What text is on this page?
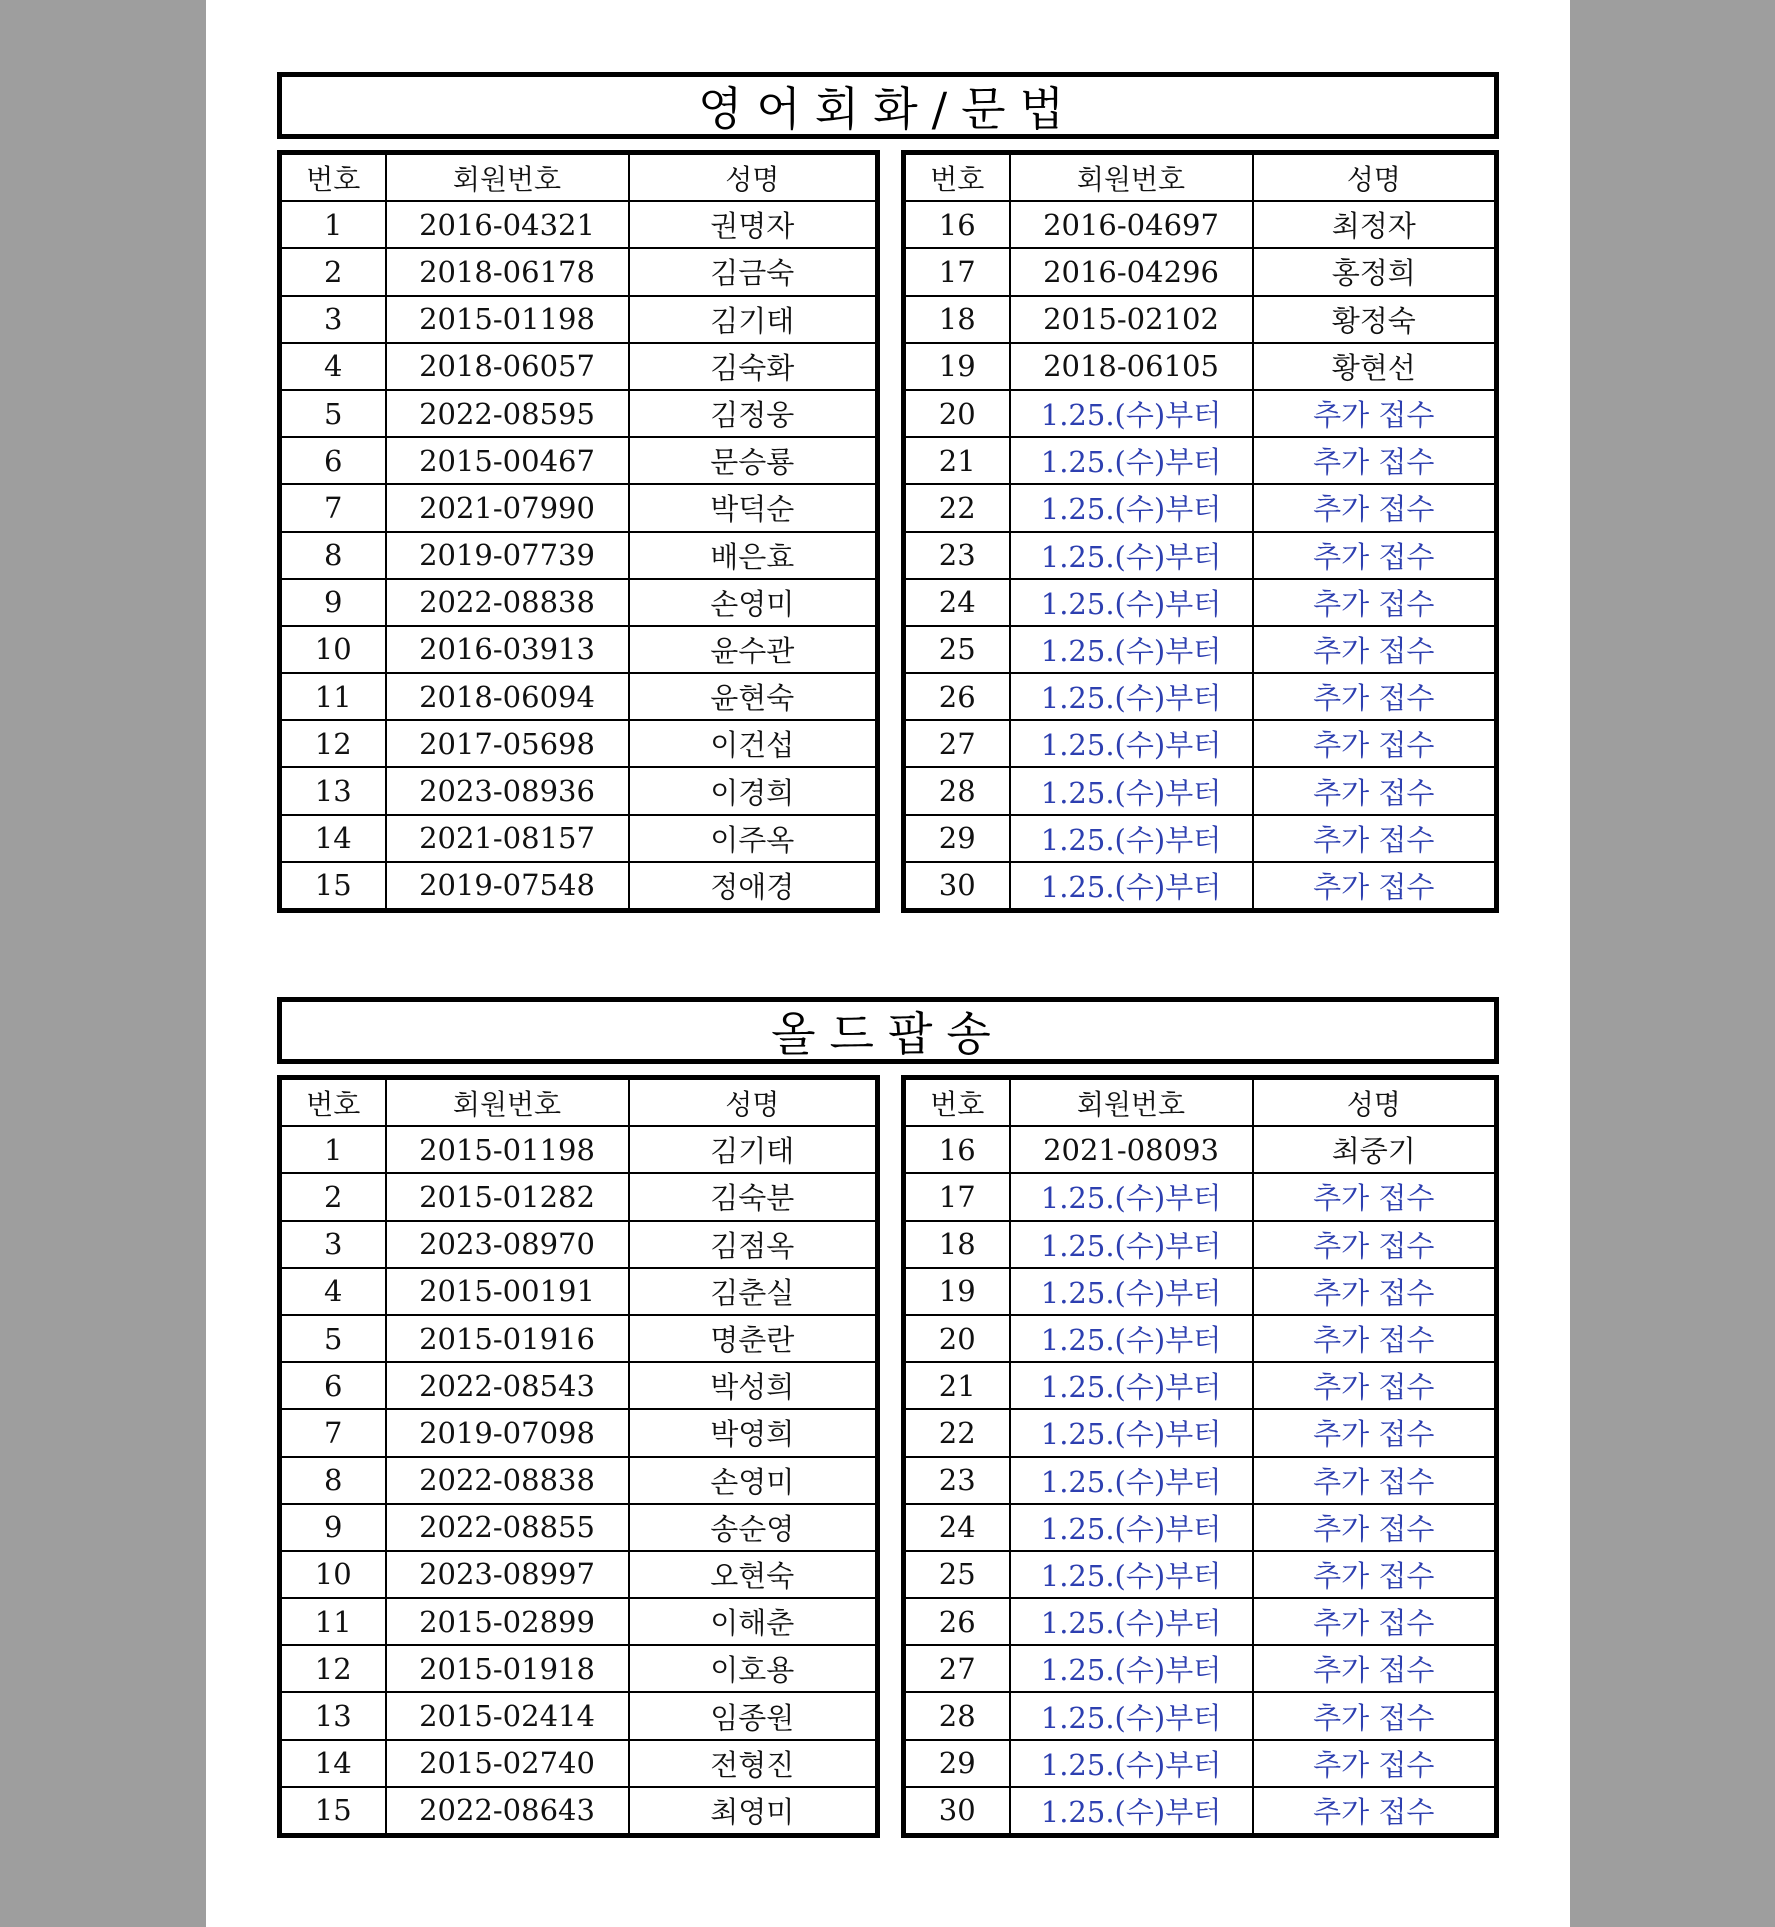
영어회화/문법
번호	회원번호	성명
1	2016-04321	권명자
2	2018-06178	김금숙
3	2015-01198	김기태
4	2018-06057	김숙화
5	2022-08595	김정웅
6	2015-00467	문승룡
7	2021-07990	박덕순
8	2019-07739	배은효
9	2022-08838	손영미
10	2016-03913	윤수관
11	2018-06094	윤현숙
12	2017-05698	이건섭
13	2023-08936	이경희
14	2021-08157	이주옥
15	2019-07548	정애경
번호	회원번호	성명
16	2016-04697	최정자
17	2016-04296	홍정희
18	2015-02102	황정숙
19	2018-06105	황현선
20	1.25.(수)부터	추가 접수
21	1.25.(수)부터	추가 접수
22	1.25.(수)부터	추가 접수
23	1.25.(수)부터	추가 접수
24	1.25.(수)부터	추가 접수
25	1.25.(수)부터	추가 접수
26	1.25.(수)부터	추가 접수
27	1.25.(수)부터	추가 접수
28	1.25.(수)부터	추가 접수
29	1.25.(수)부터	추가 접수
30	1.25.(수)부터	추가 접수
올드팝송
번호	회원번호	성명
1	2015-01198	김기태
2	2015-01282	김숙분
3	2023-08970	김점옥
4	2015-00191	김춘실
5	2015-01916	명춘란
6	2022-08543	박성희
7	2019-07098	박영희
8	2022-08838	손영미
9	2022-08855	송순영
10	2023-08997	오현숙
11	2015-02899	이해춘
12	2015-01918	이호용
13	2015-02414	임종원
14	2015-02740	전형진
15	2022-08643	최영미
번호	회원번호	성명
16	2021-08093	최중기
17	1.25.(수)부터	추가 접수
18	1.25.(수)부터	추가 접수
19	1.25.(수)부터	추가 접수
20	1.25.(수)부터	추가 접수
21	1.25.(수)부터	추가 접수
22	1.25.(수)부터	추가 접수
23	1.25.(수)부터	추가 접수
24	1.25.(수)부터	추가 접수
25	1.25.(수)부터	추가 접수
26	1.25.(수)부터	추가 접수
27	1.25.(수)부터	추가 접수
28	1.25.(수)부터	추가 접수
29	1.25.(수)부터	추가 접수
30	1.25.(수)부터	추가 접수
